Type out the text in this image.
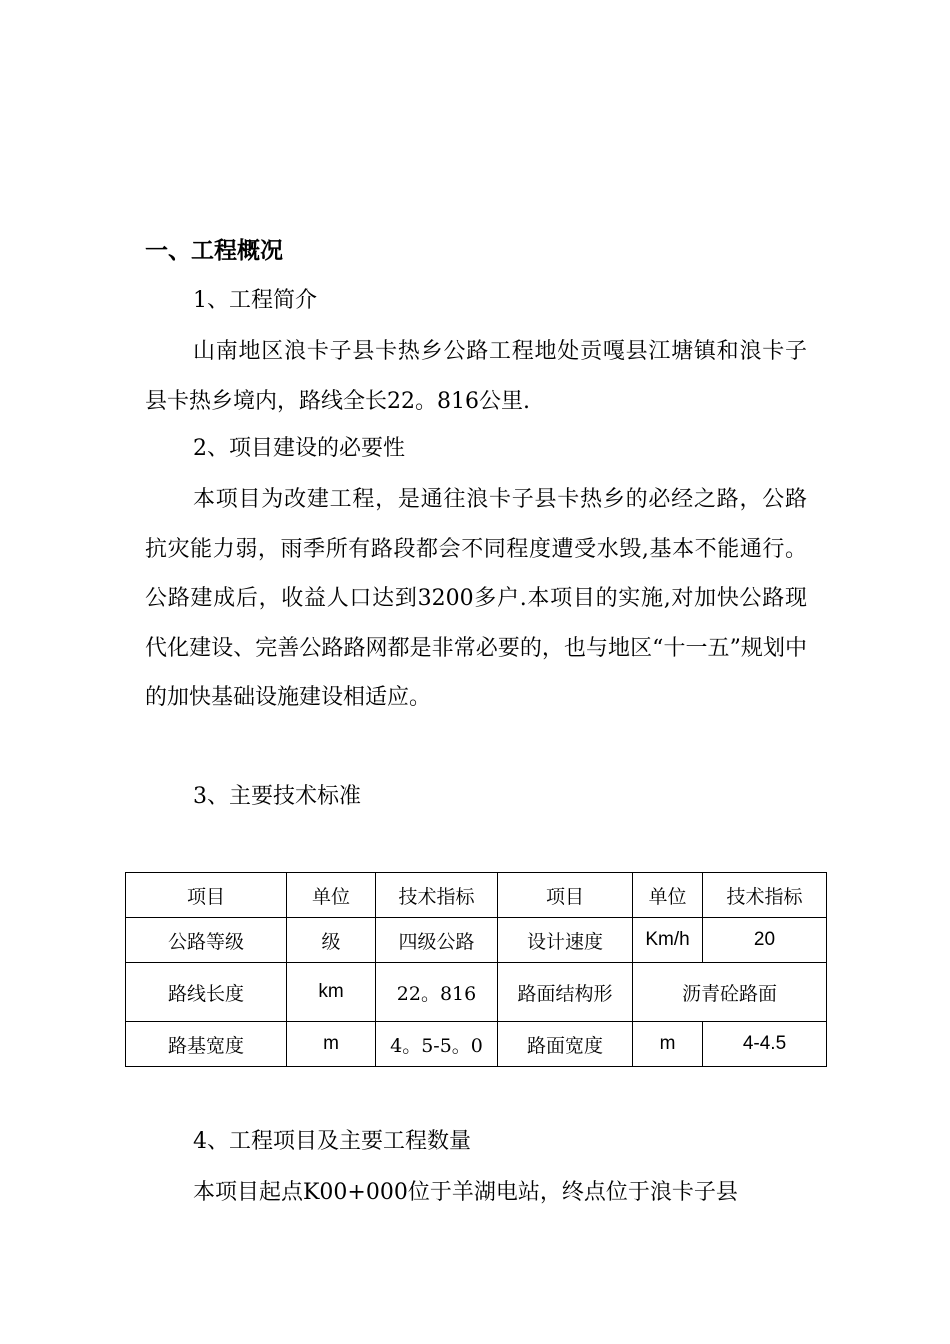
一、工程概况

1、工程简介

山南地区浪卡子县卡热乡公路工程地处贡嘎县江塘镇和浪卡子县卡热乡境内，路线全长22。816公里.

2、项目建设的必要性

本项目为改建工程，是通往浪卡子县卡热乡的必经之路，公路抗灾能力弱，雨季所有路段都会不同程度遭受水毁,基本不能通行。公路建成后，收益人口达到3200多户.本项目的实施,对加快公路现代化建设、完善公路路网都是非常必要的，也与地区“十一五”规划中的加快基础设施建设相适应。

3、主要技术标准

项目	单位	技术指标	项目	单位	技术指标
公路等级	级	四级公路	设计速度	Km/h	20
路线长度	km	22。816	路面结构形	沥青砼路面	
路基宽度	m	4。5-5。0	路面宽度	m	4-4.5

4、工程项目及主要工程数量

本项目起点K00+000位于羊湖电站，终点位于浪卡子县
